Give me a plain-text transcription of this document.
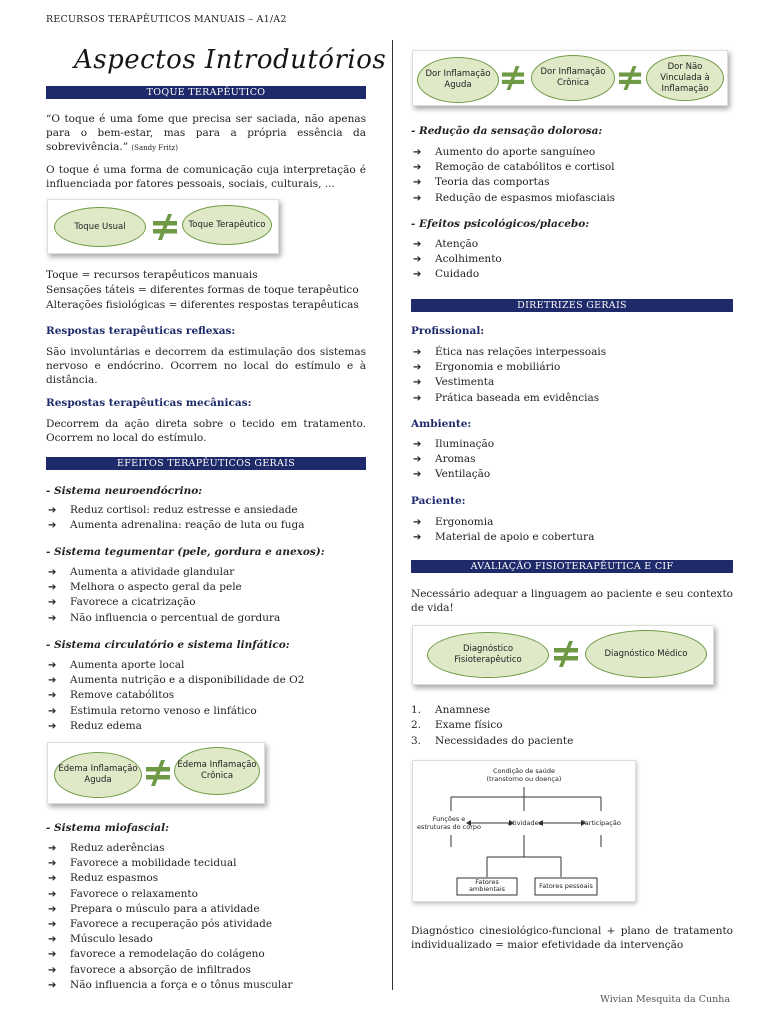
RECURSOS TERAPÊUTICOS MANUAIS – A1/A2
Aspectos Introdutórios
TOQUE TERAPÊUTICO
“O toque é uma fome que precisa ser saciada, não apenas para o bem-estar, mas para a própria essência da sobrevivência.” (Sandy Fritz)
O toque é uma forma de comunicação cuja interpretação é influenciada por fatores pessoais, sociais, culturais, ...
Toque Usual	Toque Terapêutico
Toque = recursos terapêuticos manuais
Sensações táteis = diferentes formas de toque terapêutico
Alterações fisiológicas = diferentes respostas terapêuticas
Respostas terapêuticas reflexas:
São involuntárias e decorrem da estimulação dos sistemas nervoso e endócrino. Ocorrem no local do estímulo e à distância.
Respostas terapêuticas mecânicas:
Decorrem da ação direta sobre o tecido em tratamento. Ocorrem no local do estímulo.
EFEITOS TERAPÊUTICOS GERAIS
- Sistema neuroendócrino:
➔ Reduz cortisol: reduz estresse e ansiedade
➔ Aumenta adrenalina: reação de luta ou fuga
- Sistema tegumentar (pele, gordura e anexos):
➔ Aumenta a atividade glandular
➔ Melhora o aspecto geral da pele
➔ Favorece a cicatrização
➔ Não influencia o percentual de gordura
- Sistema circulatório e sistema linfático:
➔ Aumenta aporte local
➔ Aumenta nutrição e a disponibilidade de O2
➔ Remove catabólitos
➔ Estimula retorno venoso e linfático
➔ Reduz edema
Edema Inflamação Aguda
Edema Inflamação Crônica
- Sistema miofascial:
➔ Reduz aderências
➔ Favorece a mobilidade tecidual
➔ Reduz espasmos
➔ Favorece o relaxamento
➔ Prepara o músculo para a atividade
➔ Favorece a recuperação pós atividade
➔ Músculo lesado
➔ favorece a remodelação do colágeno
➔ favorece a absorção de infiltrados
➔ Não influencia a força e o tônus muscular
Dor Inflamação Aguda
Dor Inflamação Crônica
Dor Não Vinculada à Inflamação
- Redução da sensação dolorosa:
➔ Aumento do aporte sanguíneo
➔ Remoção de catabólitos e cortisol
➔ Teoria das comportas
➔ Redução de espasmos miofasciais
- Efeitos psicológicos/placebo:
➔ Atenção
➔ Acolhimento
➔ Cuidado
DIRETRIZES GERAIS
Profissional:
➔ Ética nas relações interpessoais
➔ Ergonomia e mobiliário
➔ Vestimenta
➔ Prática baseada em evidências
Ambiente:
➔ Iluminação
➔ Aromas
➔ Ventilação
Paciente:
➔ Ergonomia
➔ Material de apoio e cobertura
AVALIAÇÃO FISIOTERAPÊUTICA E CIF
Necessário adequar a linguagem ao paciente e seu contexto de vida!
Diagnóstico Fisioterapêutico
Diagnóstico Médico
1. Anamnese
2. Exame físico
3. Necessidades do paciente
Condição de saúde (transtorno ou doença)
Funções e estruturas do corpo	Atividades	Participação
Fatores ambientais	Fatores pessoais
Diagnóstico cinesiológico-funcional + plano de tratamento individualizado = maior efetividade da intervenção
Wivian Mesquita da Cunha
